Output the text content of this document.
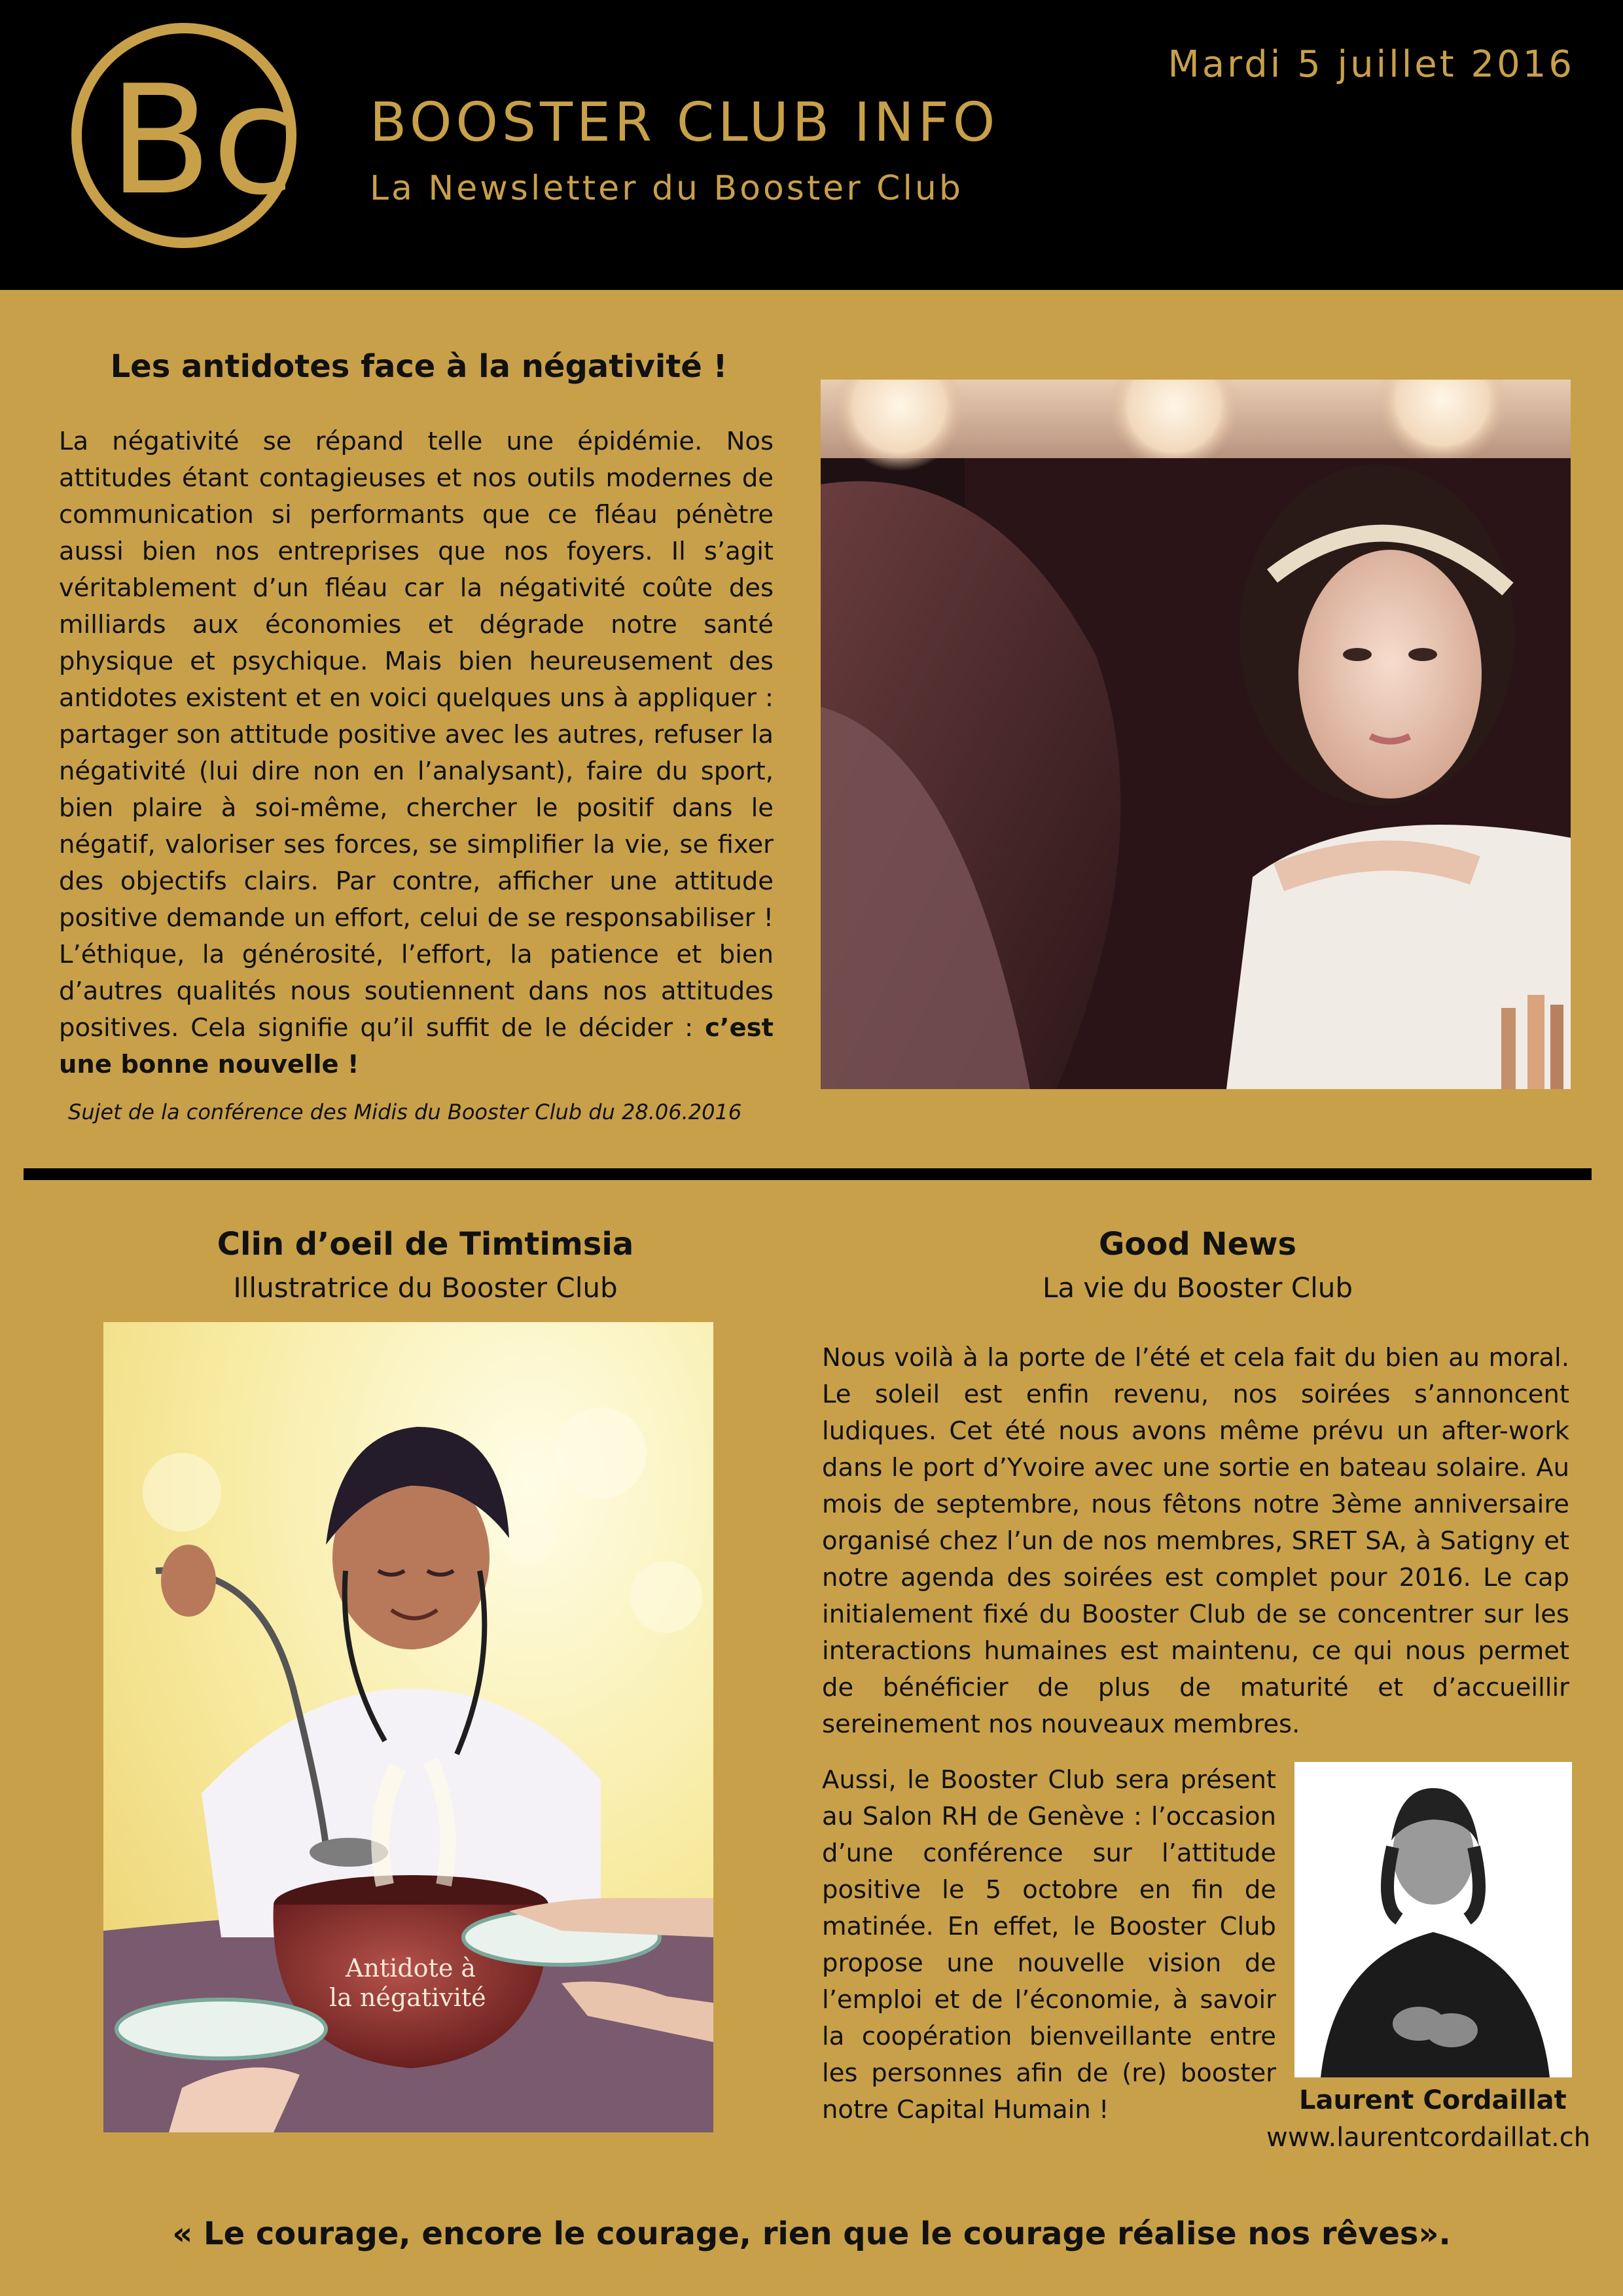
Bc BOOSTER CLUB INFO
La Newsletter du Booster Club
Mardi 5 juillet 2016
Les antidotes face à la négativité !
La négativité se répand telle une épidémie. Nos attitudes étant contagieuses et nos outils modernes de communication si performants que ce fléau pénètre aussi bien nos entreprises que nos foyers. Il s’agit véritablement d’un fléau car la négativité coûte des milliards aux économies et dégrade notre santé physique et psychique. Mais bien heureusement des antidotes existent et en voici quelques uns à appliquer : partager son attitude positive avec les autres, refuser la négativité (lui dire non en l’analysant), faire du sport, bien plaire à soi-même, chercher le positif dans le négatif, valoriser ses forces, se simplifier la vie, se fixer des objectifs clairs. Par contre, afficher une attitude positive demande un effort, celui de se responsabiliser ! L’éthique, la générosité, l’effort, la patience et bien d’autres qualités nous soutiennent dans nos attitudes positives. Cela signifie qu’il suffit de le décider : c’est une bonne nouvelle !
Sujet de la conférence des Midis du Booster Club du 28.06.2016
Clin d’oeil de Timtimsia
Illustratrice du Booster Club
Antidote à
la négativité
Good News
La vie du Booster Club
Nous voilà à la porte de l’été et cela fait du bien au moral. Le soleil est enfin revenu, nos soirées s’annoncent ludiques. Cet été nous avons même prévu un after-work dans le port d’Yvoire avec une sortie en bateau solaire. Au mois de septembre, nous fêtons notre 3ème anniversaire organisé chez l’un de nos membres, SRET SA, à Satigny et notre agenda des soirées est complet pour 2016. Le cap initialement fixé du Booster Club de se concentrer sur les interactions humaines est maintenu, ce qui nous permet de bénéficier de plus de maturité et d’accueillir sereinement nos nouveaux membres.
Aussi, le Booster Club sera présent au Salon RH de Genève : l’occasion d’une conférence sur l’attitude positive le 5 octobre en fin de matinée. En effet, le Booster Club propose une nouvelle vision de l’emploi et de l’économie, à savoir la coopération bienveillante entre les personnes afin de (re) booster notre Capital Humain !	Laurent Cordaillat
www.laurentcordaillat.ch
« Le courage, encore le courage, rien que le courage réalise nos rêves».
